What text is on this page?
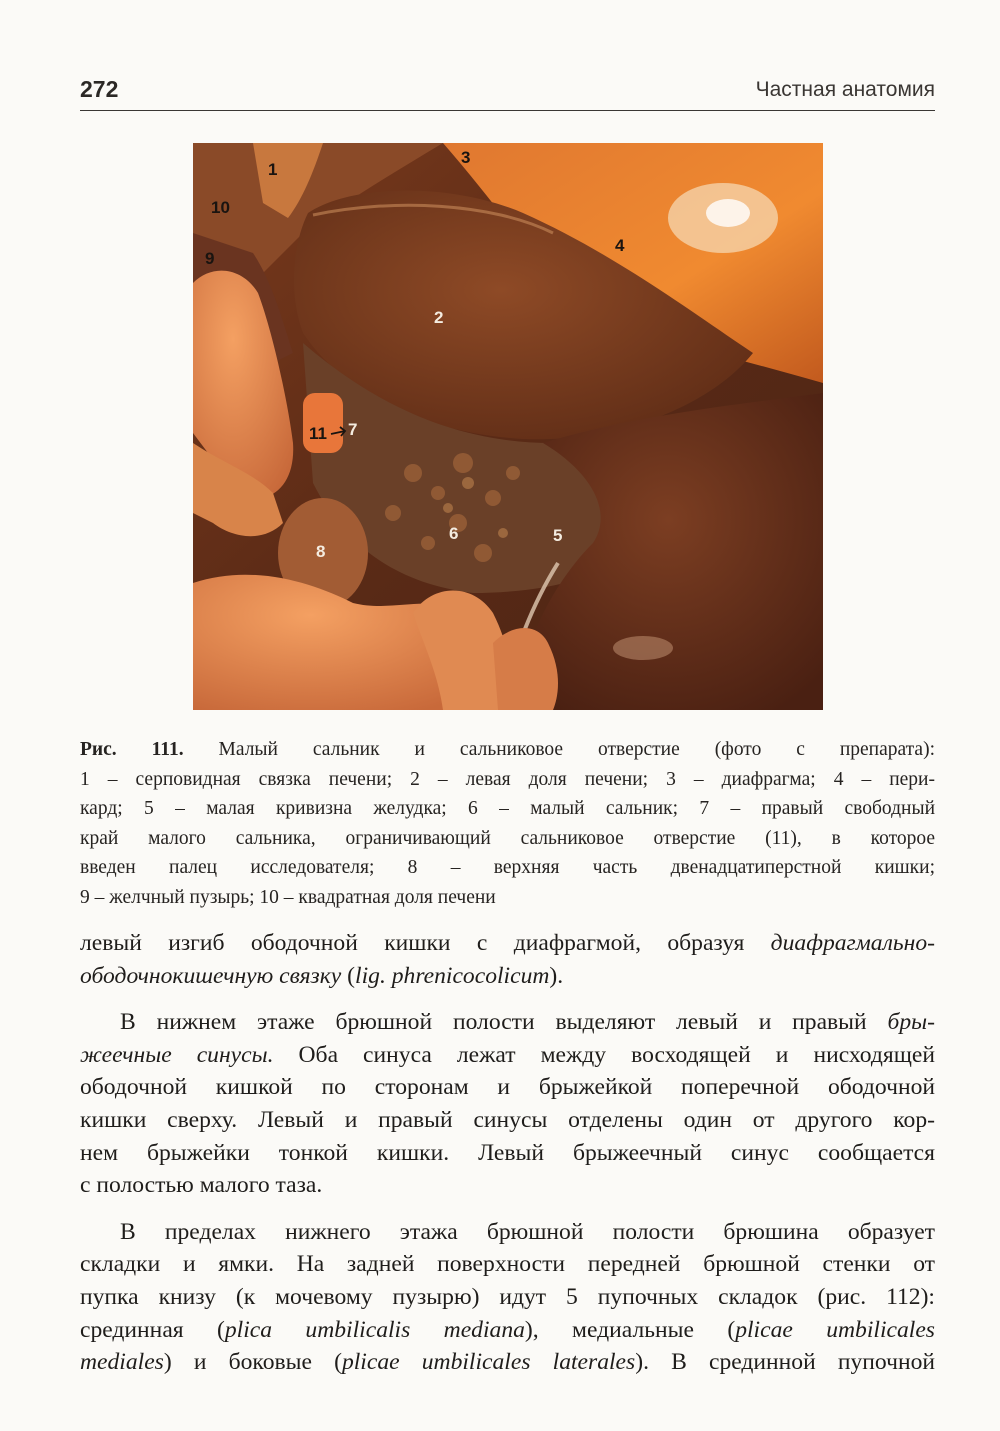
272	Частная анатомия
1
2
3
4
5
6
7
8
9
10
11
Рис. 111. Малый сальник и сальниковое отверстие (фото с препарата):
1 – серповидная связка печени; 2 – левая доля печени; 3 – диафрагма; 4 – пери-
кард; 5 – малая кривизна желудка; 6 – малый сальник; 7 – правый свободный
край малого сальника, ограничивающий сальниковое отверстие (11), в которое
введен палец исследователя; 8 – верхняя часть двенадцатиперстной кишки;
9 – желчный пузырь; 10 – квадратная доля печени
левый изгиб ободочной кишки с диафрагмой, образуя диафрагмально-
ободочнокишечную связку (lig. phrenicocolicum).
В нижнем этаже брюшной полости выделяют левый и правый бры-
жеечные синусы. Оба синуса лежат между восходящей и нисходящей
ободочной кишкой по сторонам и брыжейкой поперечной ободочной
кишки сверху. Левый и правый синусы отделены один от другого кор-
нем брыжейки тонкой кишки. Левый брыжеечный синус сообщается
с полостью малого таза.
В пределах нижнего этажа брюшной полости брюшина образует
складки и ямки. На задней поверхности передней брюшной стенки от
пупка книзу (к мочевому пузырю) идут 5 пупочных складок (рис. 112):
срединная (plica umbilicalis mediana), медиальные (plicae umbilicales
mediales) и боковые (plicae umbilicales laterales). В срединной пупочной
